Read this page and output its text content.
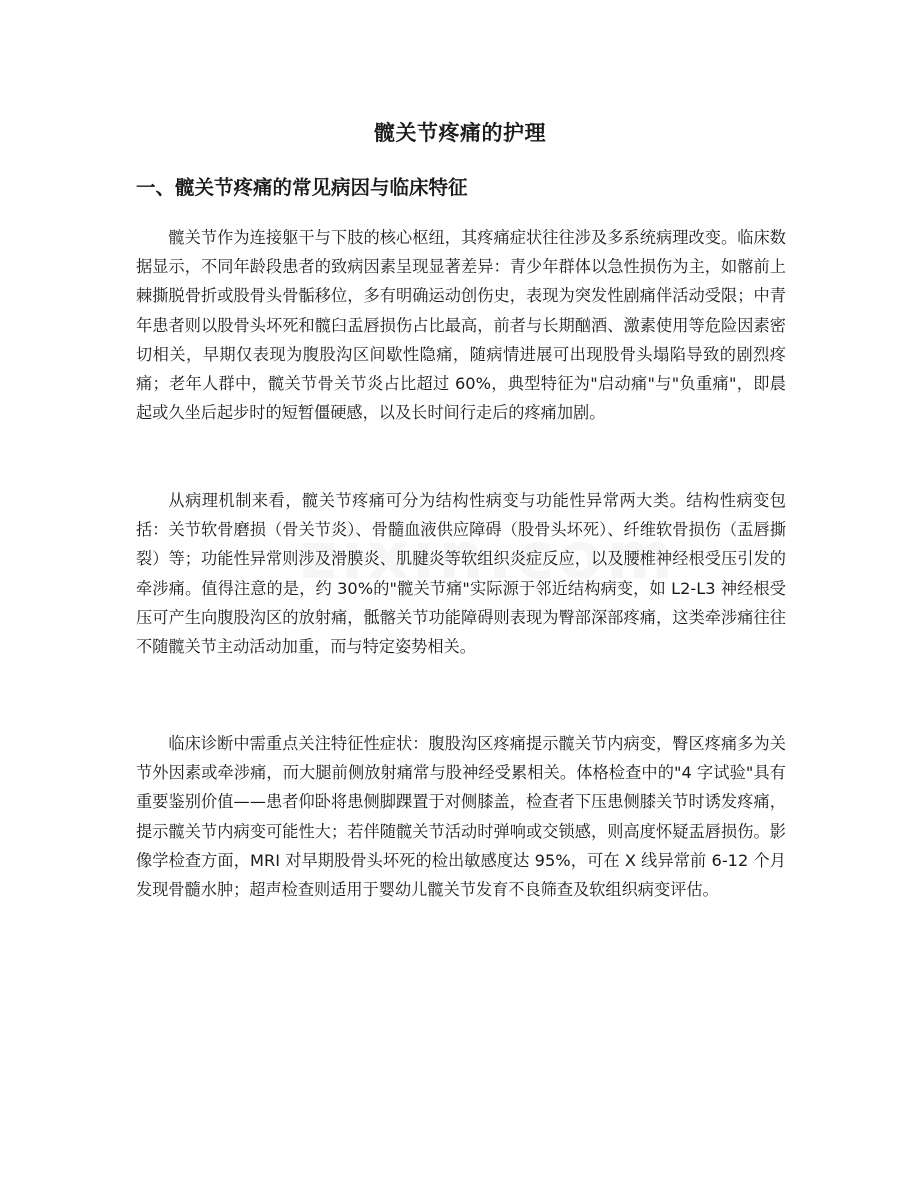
髋关节疼痛的护理
一、髋关节疼痛的常见病因与临床特征

髋关节作为连接躯干与下肢的核心枢纽，其疼痛症状往往涉及多系统病理改变。临床数据显示，不同年龄段患者的致病因素呈现显著差异：青少年群体以急性损伤为主，如髂前上棘撕脱骨折或股骨头骨骺移位，多有明确运动创伤史，表现为突发性剧痛伴活动受限；中青年患者则以股骨头坏死和髋臼盂唇损伤占比最高，前者与长期酗酒、激素使用等危险因素密切相关，早期仅表现为腹股沟区间歇性隐痛，随病情进展可出现股骨头塌陷导致的剧烈疼痛；老年人群中，髋关节骨关节炎占比超过 60%，典型特征为"启动痛"与"负重痛"，即晨起或久坐后起步时的短暂僵硬感，以及长时间行走后的疼痛加剧。

从病理机制来看，髋关节疼痛可分为结构性病变与功能性异常两大类。结构性病变包括：关节软骨磨损（骨关节炎）、骨髓血液供应障碍（股骨头坏死）、纤维软骨损伤（盂唇撕裂）等；功能性异常则涉及滑膜炎、肌腱炎等软组织炎症反应，以及腰椎神经根受压引发的牵涉痛。值得注意的是，约 30%的"髋关节痛"实际源于邻近结构病变，如 L2-L3 神经根受压可产生向腹股沟区的放射痛，骶髂关节功能障碍则表现为臀部深部疼痛，这类牵涉痛往往不随髋关节主动活动加重，而与特定姿势相关。

临床诊断中需重点关注特征性症状：腹股沟区疼痛提示髋关节内病变，臀区疼痛多为关节外因素或牵涉痛，而大腿前侧放射痛常与股神经受累相关。体格检查中的"4 字试验"具有重要鉴别价值——患者仰卧将患侧脚踝置于对侧膝盖，检查者下压患侧膝关节时诱发疼痛，提示髋关节内病变可能性大；若伴随髋关节活动时弹响或交锁感，则高度怀疑盂唇损伤。影像学检查方面，MRI 对早期股骨头坏死的检出敏感度达 95%，可在 X 线异常前 6-12 个月发现骨髓水肿；超声检查则适用于婴幼儿髋关节发育不良筛查及软组织病变评估。
